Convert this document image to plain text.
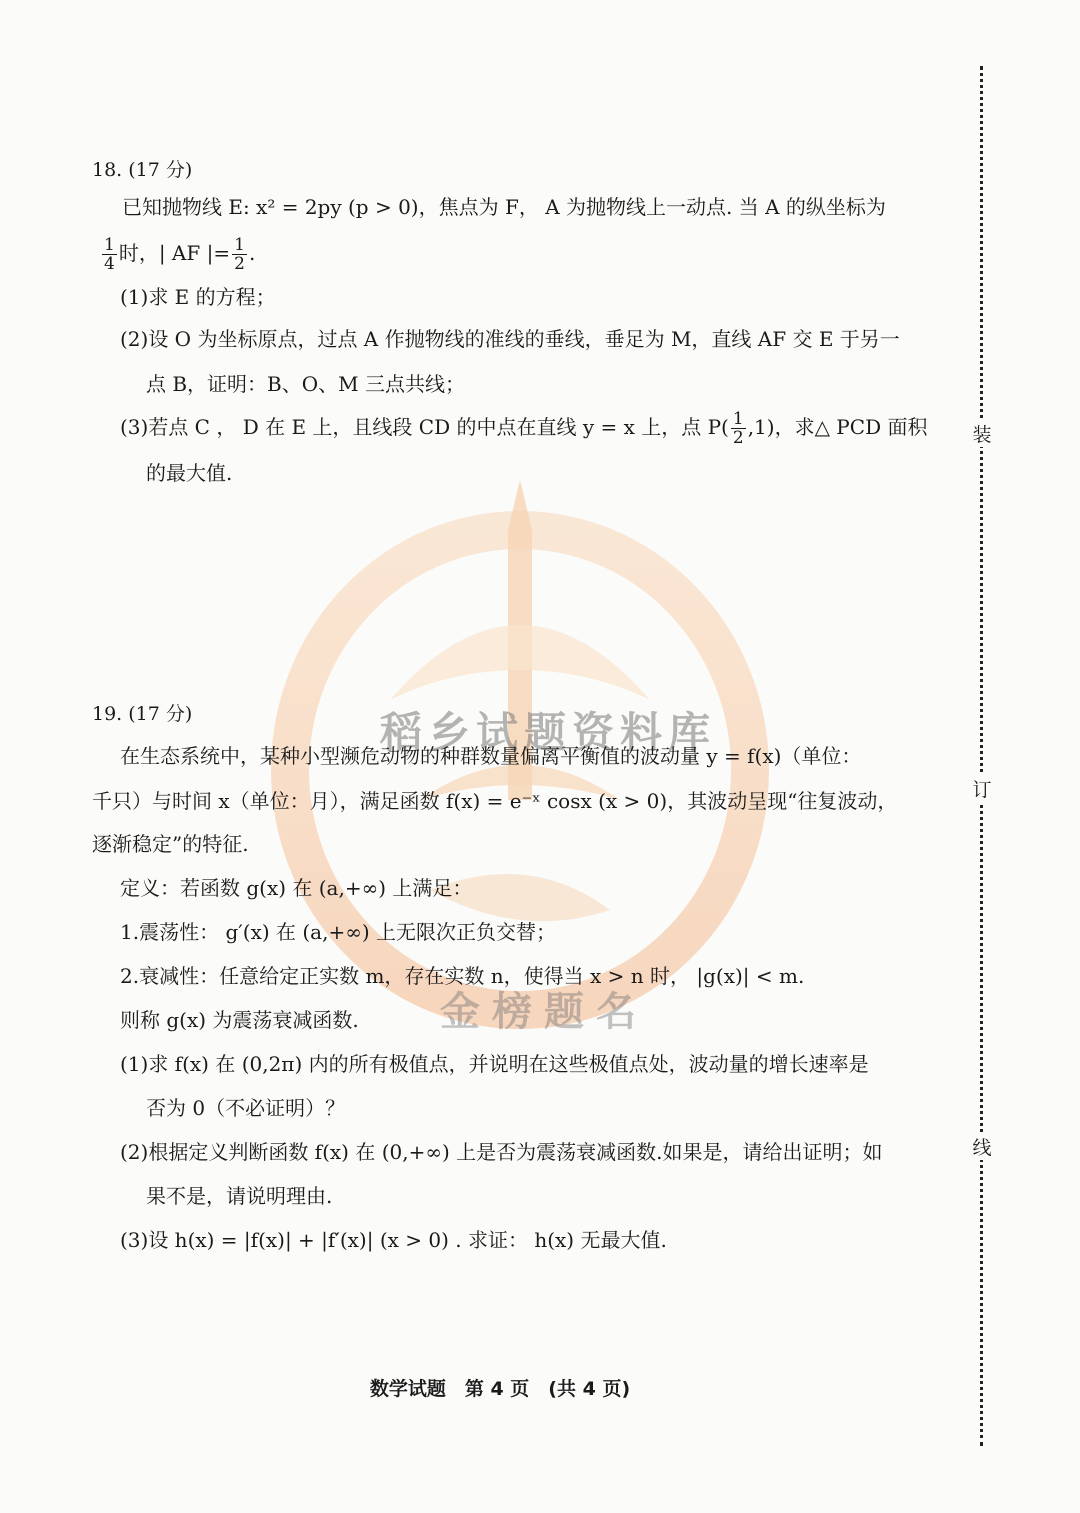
稻乡试题资料库
金榜题名
18. (17 分)
已知抛物线 E: x² = 2py (p > 0)，焦点为 F， A 为抛物线上一动点. 当 A 的纵坐标为
$\frac{1}{4}$ 时，| AF |= $\frac{1}{2}$ .
(1)求 E 的方程；
(2)设 O 为坐标原点，过点 A 作抛物线的准线的垂线，垂足为 M，直线 AF 交 E 于另一
点 B，证明：B、O、M 三点共线；
(3)若点 C ， D 在 E 上，且线段 CD 的中点在直线 y = x 上，点 $P( \frac{1}{2} ,1)$，求△ PCD 面积
的最大值.
19. (17 分)
在生态系统中，某种小型濒危动物的种群数量偏离平衡值的波动量 y = f(x)（单位：
千只）与时间 x（单位：月），满足函数 f(x) = e⁻ˣ cosx (x > 0)，其波动呈现“往复波动，
逐渐稳定”的特征.
定义：若函数 g(x) 在 (a,+∞) 上满足：
1.震荡性： g′(x) 在 (a,+∞) 上无限次正负交替；
2.衰减性：任意给定正实数 m，存在实数 n，使得当 x > n 时， |g(x)| < m.
则称 g(x) 为震荡衰减函数.
(1)求 f(x) 在 (0,2π) 内的所有极值点，并说明在这些极值点处，波动量的增长速率是
否为 0（不必证明）？
(2)根据定义判断函数 f(x) 在 (0,+∞) 上是否为震荡衰减函数.如果是，请给出证明；如
果不是，请说明理由.
(3)设 h(x) = |f(x)| + |f′(x)| (x > 0) . 求证： h(x) 无最大值.
装
订
线
数学试题　第 4 页　(共 4 页)
